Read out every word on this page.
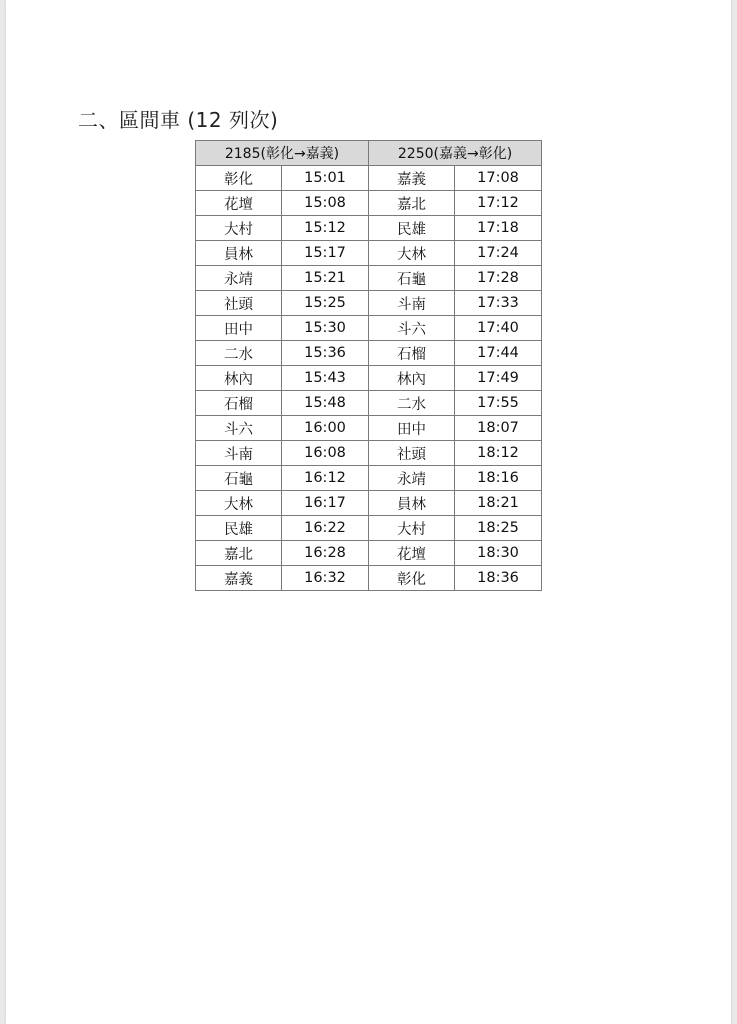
二、區間車 (12 列次)
2185(彰化→嘉義)		2250(嘉義→彰化)	
彰化	15:01	嘉義	17:08
花壇	15:08	嘉北	17:12
大村	15:12	民雄	17:18
員林	15:17	大林	17:24
永靖	15:21	石龜	17:28
社頭	15:25	斗南	17:33
田中	15:30	斗六	17:40
二水	15:36	石榴	17:44
林內	15:43	林內	17:49
石榴	15:48	二水	17:55
斗六	16:00	田中	18:07
斗南	16:08	社頭	18:12
石龜	16:12	永靖	18:16
大林	16:17	員林	18:21
民雄	16:22	大村	18:25
嘉北	16:28	花壇	18:30
嘉義	16:32	彰化	18:36
